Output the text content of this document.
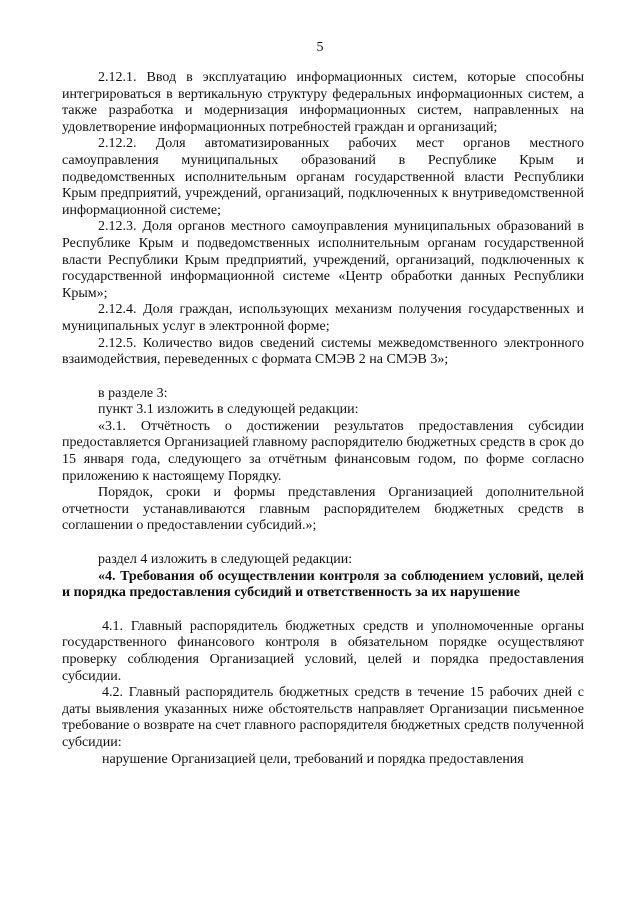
5

2.12.1. Ввод в эксплуатацию информационных систем, которые способны интегрироваться в вертикальную структуру федеральных информационных систем, а также разработка и модернизация информационных систем, направленных на удовлетворение информационных потребностей граждан и организаций;

2.12.2. Доля автоматизированных рабочих мест органов местного самоуправления муниципальных образований в Республике Крым и подведомственных исполнительным органам государственной власти Республики Крым предприятий, учреждений, организаций, подключенных к внутриведомственной информационной системе;

2.12.3. Доля органов местного самоуправления муниципальных образований в Республике Крым и подведомственных исполнительным органам государственной власти Республики Крым предприятий, учреждений, организаций, подключенных к государственной информационной системе «Центр обработки данных Республики Крым»;

2.12.4. Доля граждан, использующих механизм получения государственных и муниципальных услуг в электронной форме;

2.12.5. Количество видов сведений системы межведомственного электронного взаимодействия, переведенных с формата СМЭВ 2 на СМЭВ 3»;

в разделе 3:

пункт 3.1 изложить в следующей редакции:

«3.1. Отчётность о достижении результатов предоставления субсидии предоставляется Организацией главному распорядителю бюджетных средств в срок до 15 января года, следующего за отчётным финансовым годом, по форме согласно приложению к настоящему Порядку.

Порядок, сроки и формы представления Организацией дополнительной отчетности устанавливаются главным распорядителем бюджетных средств в соглашении о предоставлении субсидий.»;

раздел 4 изложить в следующей редакции:

«4. Требования об осуществлении контроля за соблюдением условий, целей и порядка предоставления субсидий и ответственность за их нарушение

4.1. Главный распорядитель бюджетных средств и уполномоченные органы государственного финансового контроля в обязательном порядке осуществляют проверку соблюдения Организацией условий, целей и порядка предоставления субсидии.

4.2. Главный распорядитель бюджетных средств в течение 15 рабочих дней с даты выявления указанных ниже обстоятельств направляет Организации письменное требование о возврате на счет главного распорядителя бюджетных средств полученной субсидии:

нарушение Организацией цели, требований и порядка предоставления
